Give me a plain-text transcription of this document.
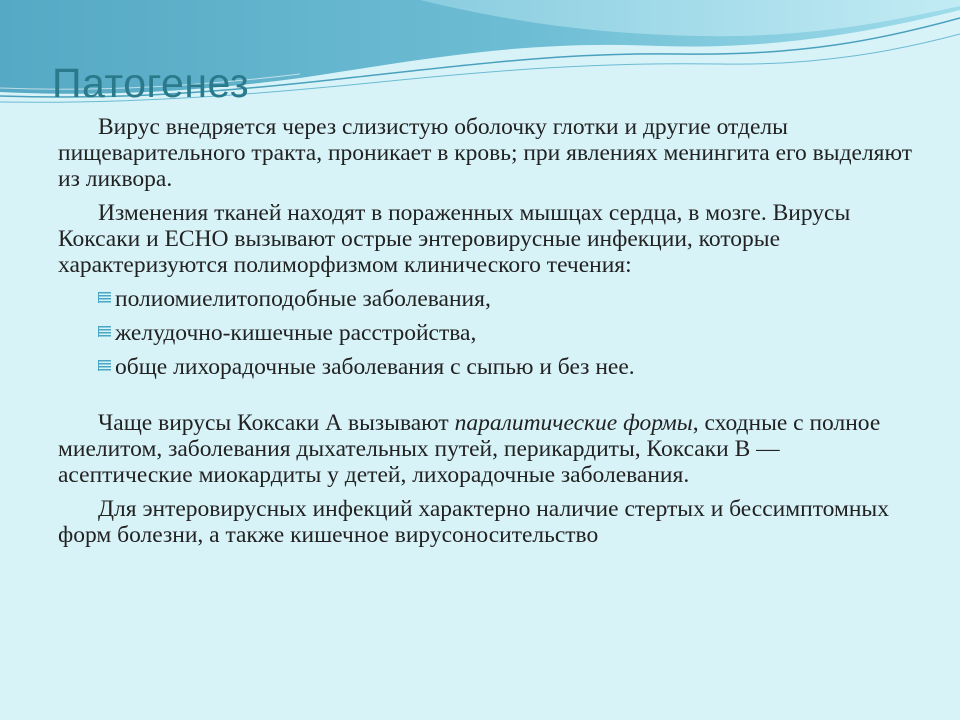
Патогенез

Вирус внедряется через слизистую оболочку глотки и другие отделы пищеварительного тракта, проникает в кровь; при явлениях менингита его выделяют из ликвора.

Изменения тканей находят в пораженных мышцах сердца, в мозге. Вирусы Коксаки и ЕСНО вызывают острые энтеровирусные инфекции, которые характеризуются полиморфизмом клинического течения:

полиомиелитоподобные заболевания,
желудочно-кишечные расстройства,
обще лихорадочные заболевания с сыпью и без нее.

Чаще вирусы Коксаки А вызывают паралитические формы, сходные с полное миелитом, заболевания дыхательных путей, перикардиты, Коксаки В — асептические миокардиты у детей, лихорадочные заболевания.

Для энтеровирусных инфекций характерно наличие стертых и бессимптомных форм болезни, а также кишечное вирусоносительство
